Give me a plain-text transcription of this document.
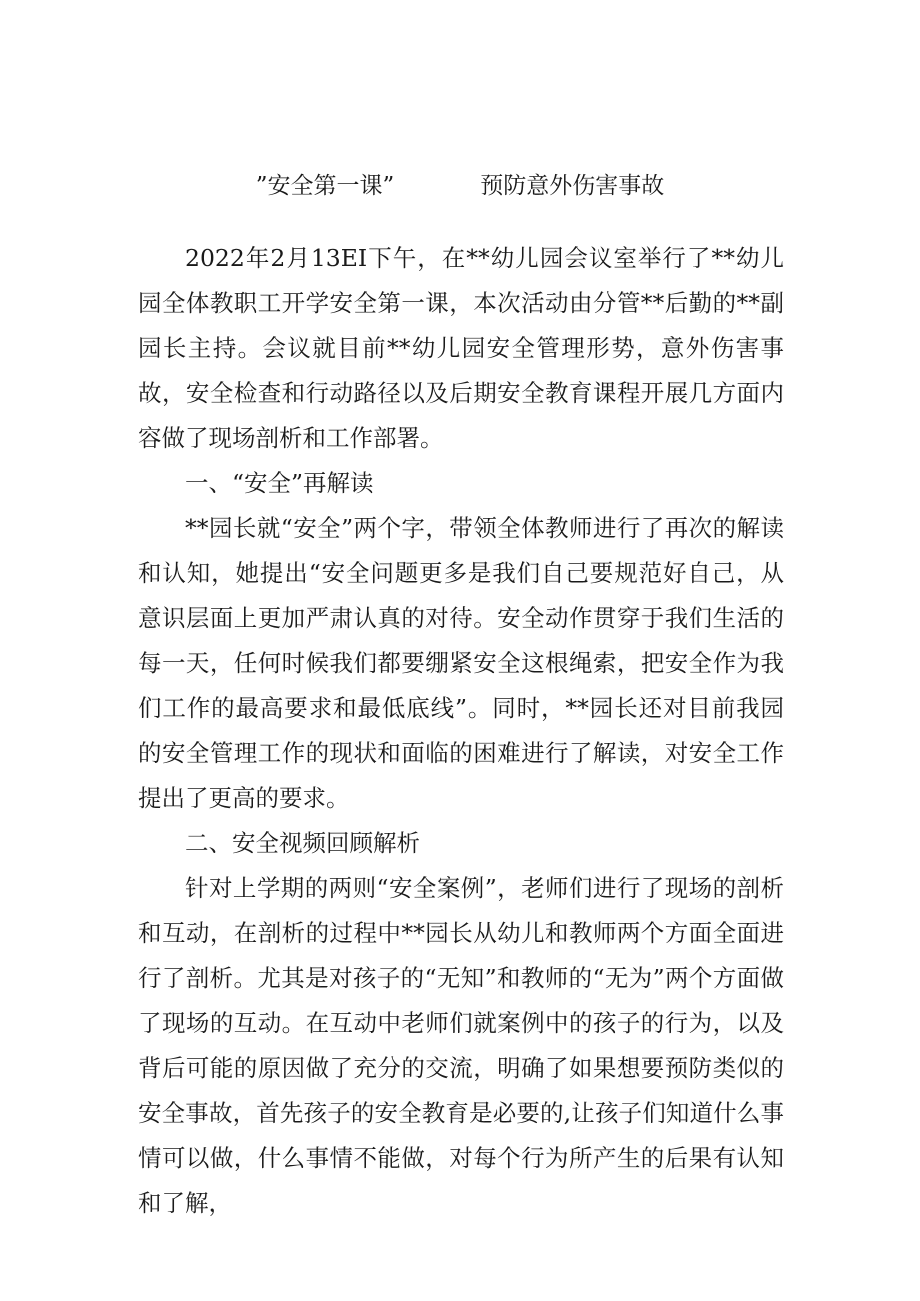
”安全第一课”	预防意外伤害事故

2022年2月13EI下午，在**幼儿园会议室举行了**幼儿园全体教职工开学安全第一课，本次活动由分管**后勤的**副园长主持。会议就目前**幼儿园安全管理形势，意外伤害事故，安全检查和行动路径以及后期安全教育课程开展几方面内容做了现场剖析和工作部署。

一、“安全”再解读

**园长就“安全”两个字，带领全体教师进行了再次的解读和认知，她提出“安全问题更多是我们自己要规范好自己，从意识层面上更加严肃认真的对待。安全动作贯穿于我们生活的每一天，任何时候我们都要绷紧安全这根绳索，把安全作为我们工作的最高要求和最低底线”。同时，**园长还对目前我园的安全管理工作的现状和面临的困难进行了解读，对安全工作提出了更高的要求。

二、安全视频回顾解析

针对上学期的两则“安全案例”，老师们进行了现场的剖析和互动，在剖析的过程中**园长从幼儿和教师两个方面全面进行了剖析。尤其是对孩子的“无知”和教师的“无为”两个方面做了现场的互动。在互动中老师们就案例中的孩子的行为，以及背后可能的原因做了充分的交流，明确了如果想要预防类似的安全事故，首先孩子的安全教育是必要的,让孩子们知道什么事情可以做，什么事情不能做，对每个行为所产生的后果有认知和了解，
